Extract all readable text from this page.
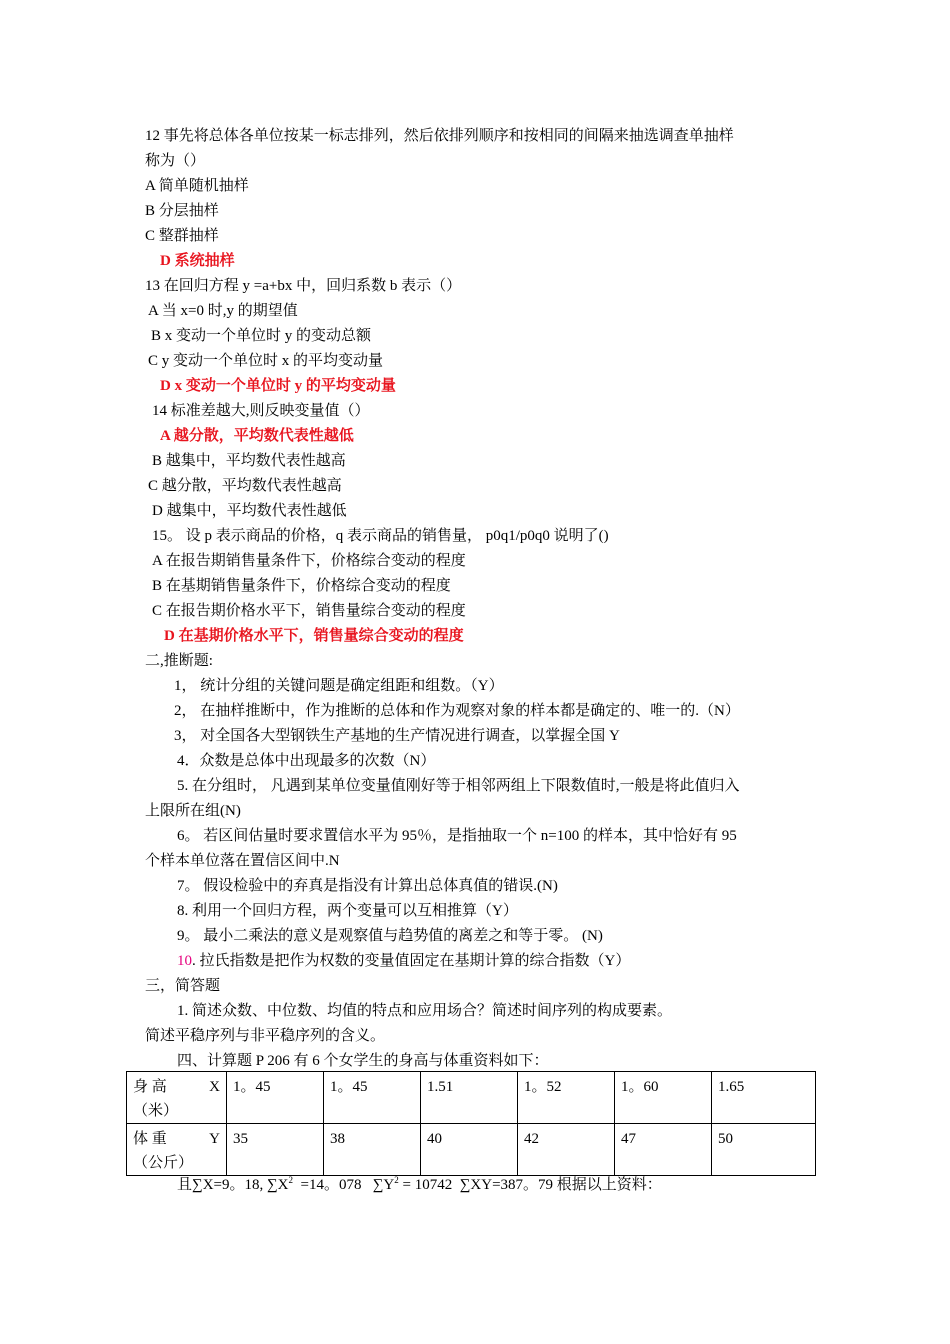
12 事先将总体各单位按某一标志排列，然后依排列顺序和按相同的间隔来抽选调查单抽样
称为（）
A 简单随机抽样
B 分层抽样
C 整群抽样
D 系统抽样
13 在回归方程 y =a+bx 中，回归系数 b 表示（）
A 当 x=0 时,y 的期望值
B x 变动一个单位时 y 的变动总额
C y 变动一个单位时 x 的平均变动量
D x 变动一个单位时 y 的平均变动量
14 标准差越大,则反映变量值（）
A 越分散，平均数代表性越低
B 越集中，平均数代表性越高
C 越分散，平均数代表性越高
D 越集中，平均数代表性越低
15。 设 p 表示商品的价格，q 表示商品的销售量， p0q1/p0q0 说明了()
A 在报告期销售量条件下，价格综合变动的程度
B 在基期销售量条件下，价格综合变动的程度
C 在报告期价格水平下，销售量综合变动的程度
D 在基期价格水平下，销售量综合变动的程度
二,推断题:
1， 统计分组的关键问题是确定组距和组数。（Y）
2， 在抽样推断中，作为推断的总体和作为观察对象的样本都是确定的、唯一的.（N）
3， 对全国各大型钢铁生产基地的生产情况进行调查，以掌握全国 Y
4．众数是总体中出现最多的次数（N）
5. 在分组时， 凡遇到某单位变量值刚好等于相邻两组上下限数值时,一般是将此值归入
上限所在组(N)
6。 若区间估量时要求置信水平为 95％，是指抽取一个 n=100 的样本，其中恰好有 95
个样本单位落在置信区间中.N
7。 假设检验中的弃真是指没有计算出总体真值的错误.(N)
8. 利用一个回归方程，两个变量可以互相推算（Y）
9。 最小二乘法的意义是观察值与趋势值的离差之和等于零。 (N)
10. 拉氏指数是把作为权数的变量值固定在基期计算的综合指数（Y）
三，简答题
1. 简述众数、中位数、均值的特点和应用场合？简述时间序列的构成要素。
简述平稳序列与非平稳序列的含义。
四、计算题 P 206 有 6 个女学生的身高与体重资料如下：
身 高 X
（米）	1。45	1。45	1.51	1。52	1。60	1.65

体 重 Y
（公斤）	35	38	40	42	47	50
且∑X=9。18, $\sum X^2 =14$。078   $\sum Y^2 = 10742$  ∑XY=387。79 根据以上资料：
